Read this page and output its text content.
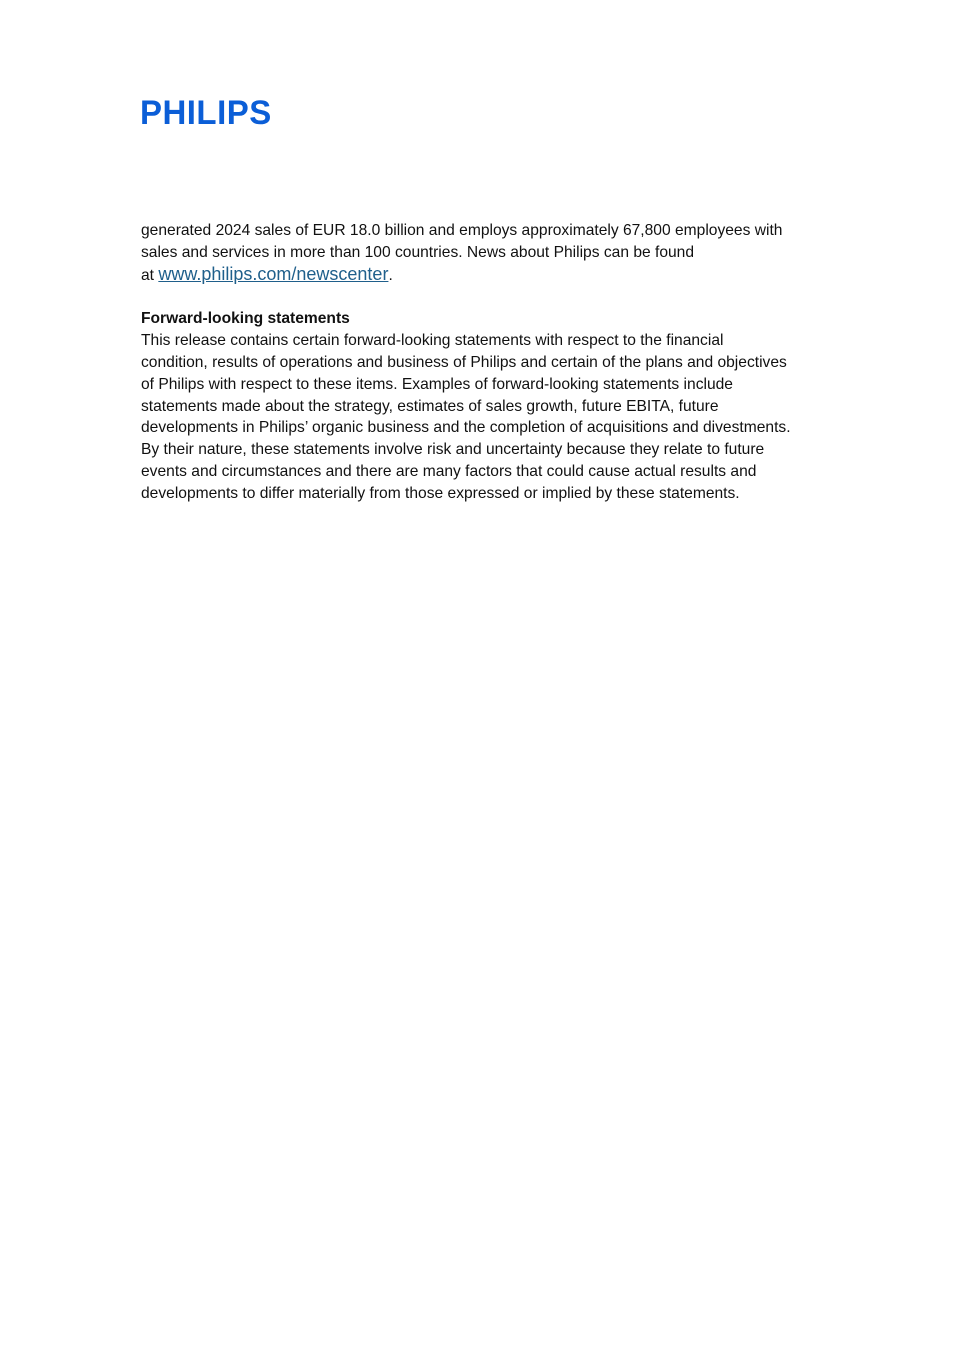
PHILIPS

generated 2024 sales of EUR 18.0 billion and employs approximately 67,800 employees with
sales and services in more than 100 countries. News about Philips can be found
at www.philips.com/newscenter.

Forward-looking statements

This release contains certain forward-looking statements with respect to the financial
condition, results of operations and business of Philips and certain of the plans and objectives
of Philips with respect to these items. Examples of forward-looking statements include
statements made about the strategy, estimates of sales growth, future EBITA, future
developments in Philips’ organic business and the completion of acquisitions and divestments.
By their nature, these statements involve risk and uncertainty because they relate to future
events and circumstances and there are many factors that could cause actual results and
developments to differ materially from those expressed or implied by these statements.
